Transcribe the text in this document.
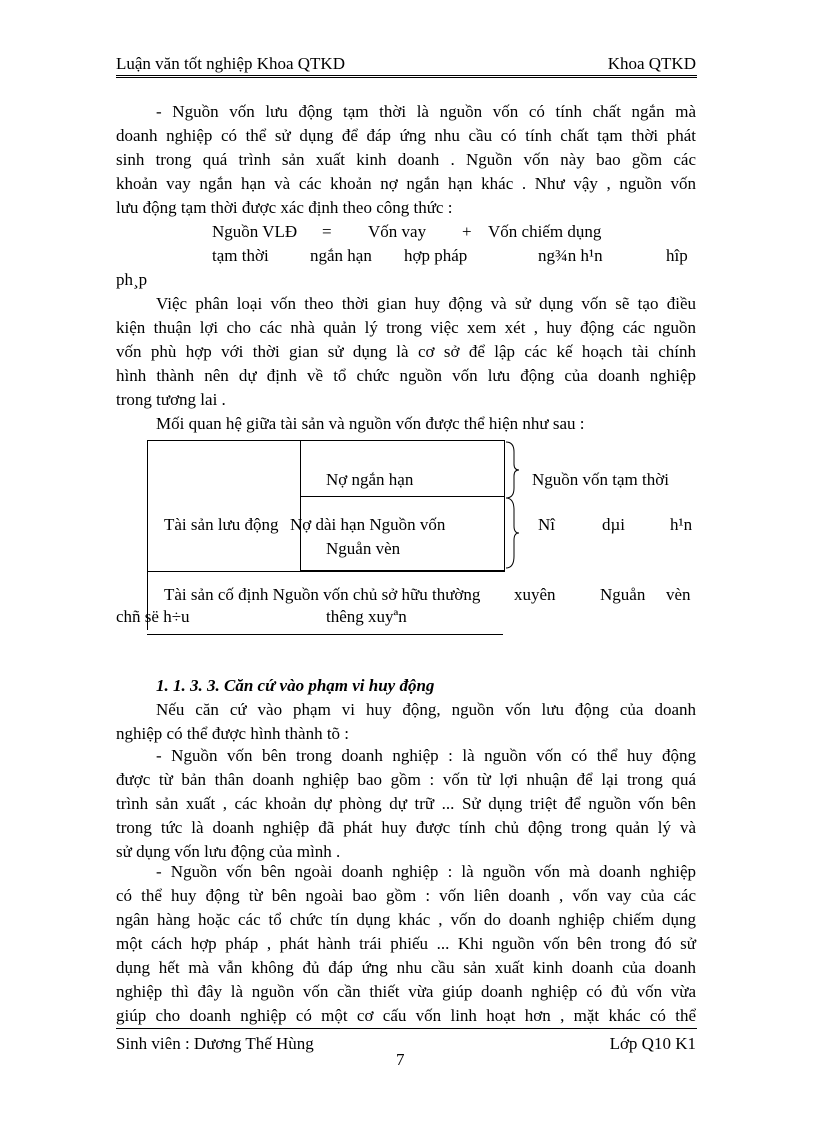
Luận văn tốt nghiệp Khoa QTKD	Khoa QTKD
- Nguồn vốn lưu động tạm thời là nguồn vốn có tính chất ngắn mà
doanh nghiệp có thể sử dụng để đáp ứng nhu cầu có tính chất tạm thời phát
sinh trong quá trình sản xuất kinh doanh . Nguồn vốn này bao gồm các
khoản vay ngắn hạn và các khoản nợ ngắn hạn khác . Như vậy , nguồn vốn
lưu động tạm thời được xác định theo công thức :
Nguồn VLĐ = Vốn vay + Vốn chiếm dụng
tạm thời ngắn hạn hợp pháp	ng¾n h¹n	hîp
ph¸p
Việc phân loại vốn theo thời gian huy động và sử dụng vốn sẽ tạo điều
kiện thuận lợi cho các nhà quản lý trong việc xem xét , huy động các nguồn
vốn phù hợp với thời gian sử dụng là cơ sở để lập các kế hoạch tài chính
hình thành nên dự định về tổ chức nguồn vốn lưu động của doanh nghiệp
trong tương lai .
Mối quan hệ giữa tài sản và nguồn vốn được thể hiện như sau :
Nợ ngắn hạn	Nguồn vốn tạm thời
Tài sản lưu động Nợ dài hạn Nguồn vốn
Nguån vèn
Nî	dµi	h¹n
Tài sản cố định Nguồn vốn chủ sở hữu thường xuyên	Nguån vèn
chñ së h÷u	thêng xuyªn
1. 1. 3. 3. Căn cứ vào phạm vi huy động
Nếu căn cứ vào phạm vi huy động, nguồn vốn lưu động của doanh
nghiệp có thể được hình thành tõ :
- Nguồn vốn bên trong doanh nghiệp : là nguồn vốn có thể huy động
được từ bản thân doanh nghiệp bao gồm : vốn từ lợi nhuận để lại trong quá
trình sản xuất , các khoản dự phòng dự trữ ... Sử dụng triệt để nguồn vốn bên
trong tức là doanh nghiệp đã phát huy được tính chủ động trong quản lý và
sử dụng vốn lưu động của mình .
- Nguồn vốn bên ngoài doanh nghiệp : là nguồn vốn mà doanh nghiệp
có thể huy động từ bên ngoài bao gồm : vốn liên doanh , vốn vay của các
ngân hàng hoặc các tổ chức tín dụng khác , vốn do doanh nghiệp chiếm dụng
một cách hợp pháp , phát hành trái phiếu ... Khi nguồn vốn bên trong đó sử
dụng hết mà vẫn không đủ đáp ứng nhu cầu sản xuất kinh doanh của doanh
nghiệp thì đây là nguồn vốn cần thiết vừa giúp doanh nghiệp có đủ vốn vừa
giúp cho doanh nghiệp có một cơ cấu vốn linh hoạt hơn , mặt khác có thể
Sinh viên : Dương Thế Hùng
7
Lớp Q10 K1
